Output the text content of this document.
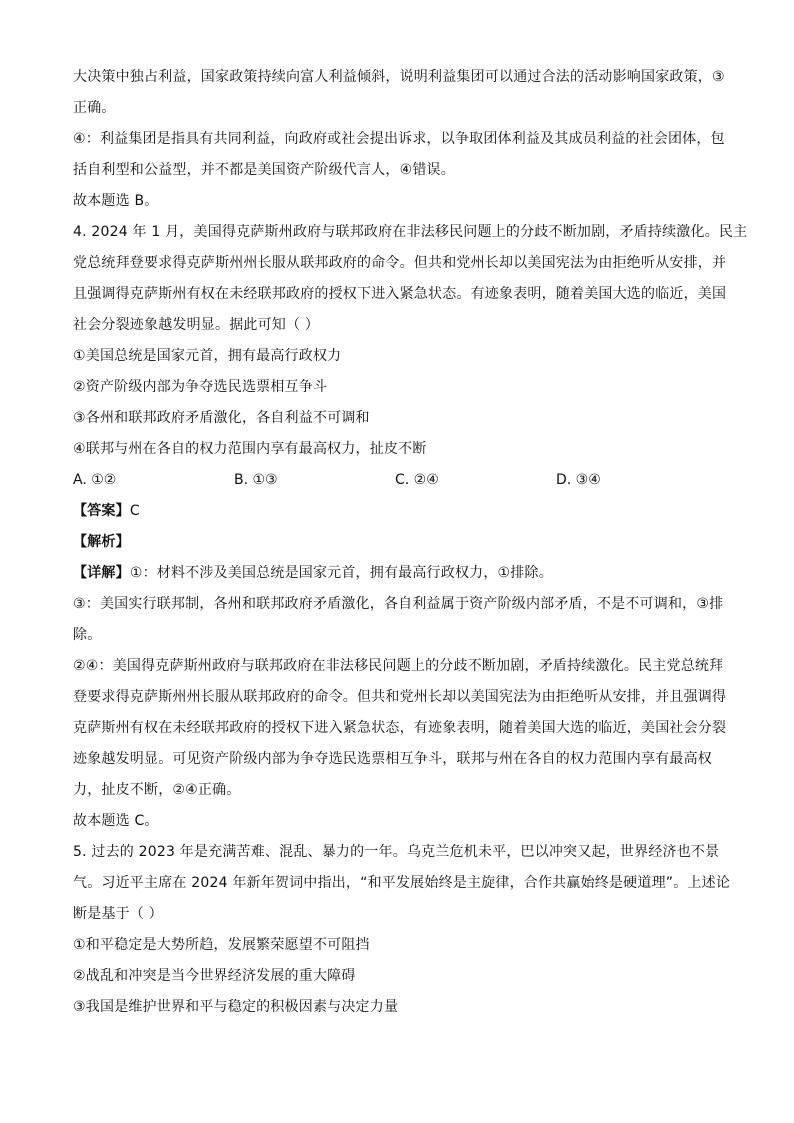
大决策中独占利益，国家政策持续向富人利益倾斜，说明利益集团可以通过合法的活动影响国家政策，③
正确。
④：利益集团是指具有共同利益，向政府或社会提出诉求，以争取团体利益及其成员利益的社会团体，包
括自利型和公益型，并不都是美国资产阶级代言人，④错误。
故本题选 B。
4. 2024 年 1 月，美国得克萨斯州政府与联邦政府在非法移民问题上的分歧不断加剧，矛盾持续激化。民主
党总统拜登要求得克萨斯州州长服从联邦政府的命令。但共和党州长却以美国宪法为由拒绝听从安排，并
且强调得克萨斯州有权在未经联邦政府的授权下进入紧急状态。有迹象表明，随着美国大选的临近，美国
社会分裂迹象越发明显。据此可知（ ）
①美国总统是国家元首，拥有最高行政权力
②资产阶级内部为争夺选民选票相互争斗
③各州和联邦政府矛盾激化，各自利益不可调和
④联邦与州在各自的权力范围内享有最高权力，扯皮不断
A. ①②	B. ①③	C. ②④	D. ③④
【答案】C
【解析】
【详解】①：材料不涉及美国总统是国家元首，拥有最高行政权力，①排除。
③：美国实行联邦制，各州和联邦政府矛盾激化，各自利益属于资产阶级内部矛盾，不是不可调和，③排
除。
②④：美国得克萨斯州政府与联邦政府在非法移民问题上的分歧不断加剧，矛盾持续激化。民主党总统拜
登要求得克萨斯州州长服从联邦政府的命令。但共和党州长却以美国宪法为由拒绝听从安排，并且强调得
克萨斯州有权在未经联邦政府的授权下进入紧急状态，有迹象表明，随着美国大选的临近，美国社会分裂
迹象越发明显。可见资产阶级内部为争夺选民选票相互争斗，联邦与州在各自的权力范围内享有最高权
力，扯皮不断，②④正确。
故本题选 C。
5. 过去的 2023 年是充满苦难、混乱、暴力的一年。乌克兰危机未平，巴以冲突又起，世界经济也不景
气。习近平主席在 2024 年新年贺词中指出，“和平发展始终是主旋律，合作共赢始终是硬道理”。上述论
断是基于（ ）
①和平稳定是大势所趋，发展繁荣愿望不可阻挡
②战乱和冲突是当今世界经济发展的重大障碍
③我国是维护世界和平与稳定的积极因素与决定力量
